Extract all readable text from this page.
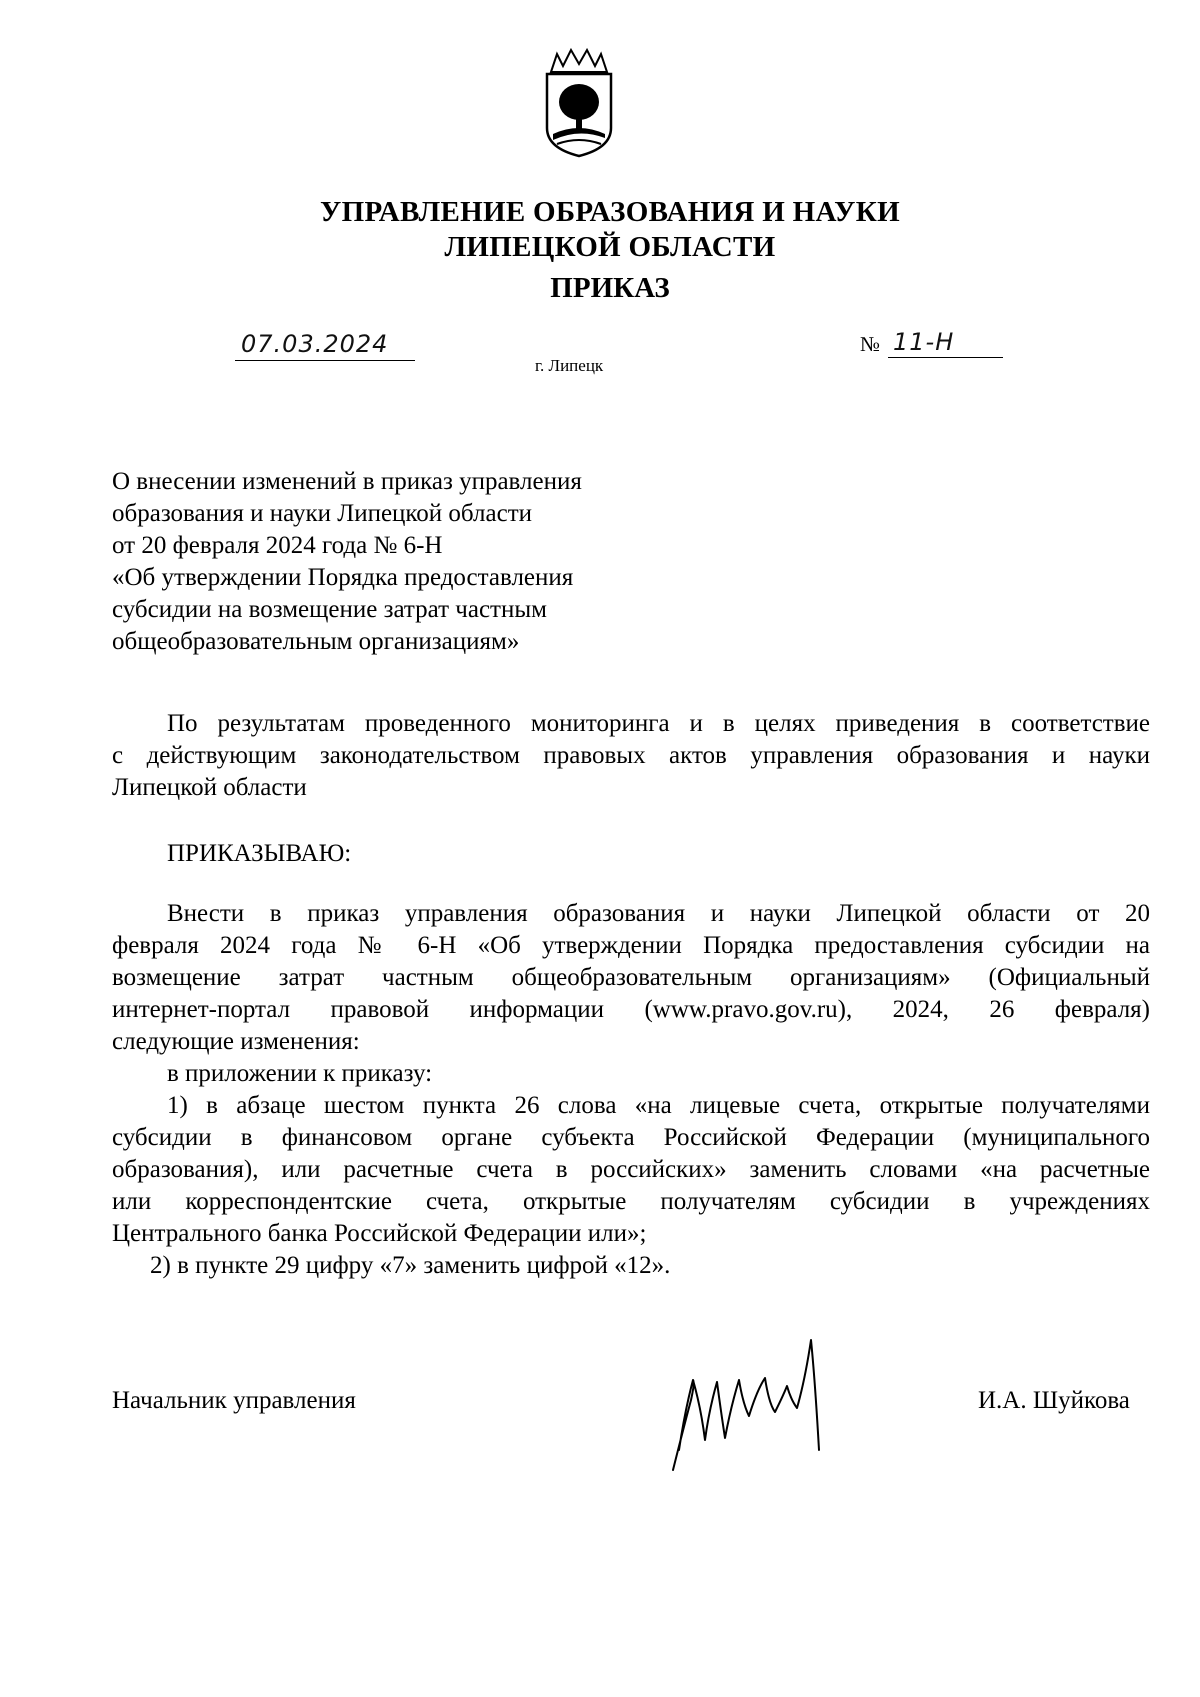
УПРАВЛЕНИЕ ОБРАЗОВАНИЯ И НАУКИ
ЛИПЕЦКОЙ ОБЛАСТИ
ПРИКАЗ
07.03.2024
г. Липецк
№ 11-Н
О внесении изменений в приказ управления
образования и науки Липецкой области
от 20 февраля 2024 года № 6-Н
«Об утверждении Порядка предоставления
субсидии на возмещение затрат частным
общеобразовательным организациям»
По результатам проведенного мониторинга и в целях приведения в соответствие
с действующим законодательством правовых актов управления образования и науки
Липецкой области
ПРИКАЗЫВАЮ:
Внести в приказ управления образования и науки Липецкой области от 20
февраля 2024 года № 6-Н «Об утверждении Порядка предоставления субсидии на
возмещение затрат частным общеобразовательным организациям» (Официальный
интернет-портал правовой информации (www.pravo.gov.ru), 2024, 26 февраля)
следующие изменения:
в приложении к приказу:
1) в абзаце шестом пункта 26 слова «на лицевые счета, открытые получателями
субсидии в финансовом органе субъекта Российской Федерации (муниципального
образования), или расчетные счета в российских» заменить словами «на расчетные
или корреспондентские счета, открытые получателям субсидии в учреждениях
Центрального банка Российской Федерации или»;
2) в пункте 29 цифру «7» заменить цифрой «12».
Начальник управления	И.А. Шуйкова
